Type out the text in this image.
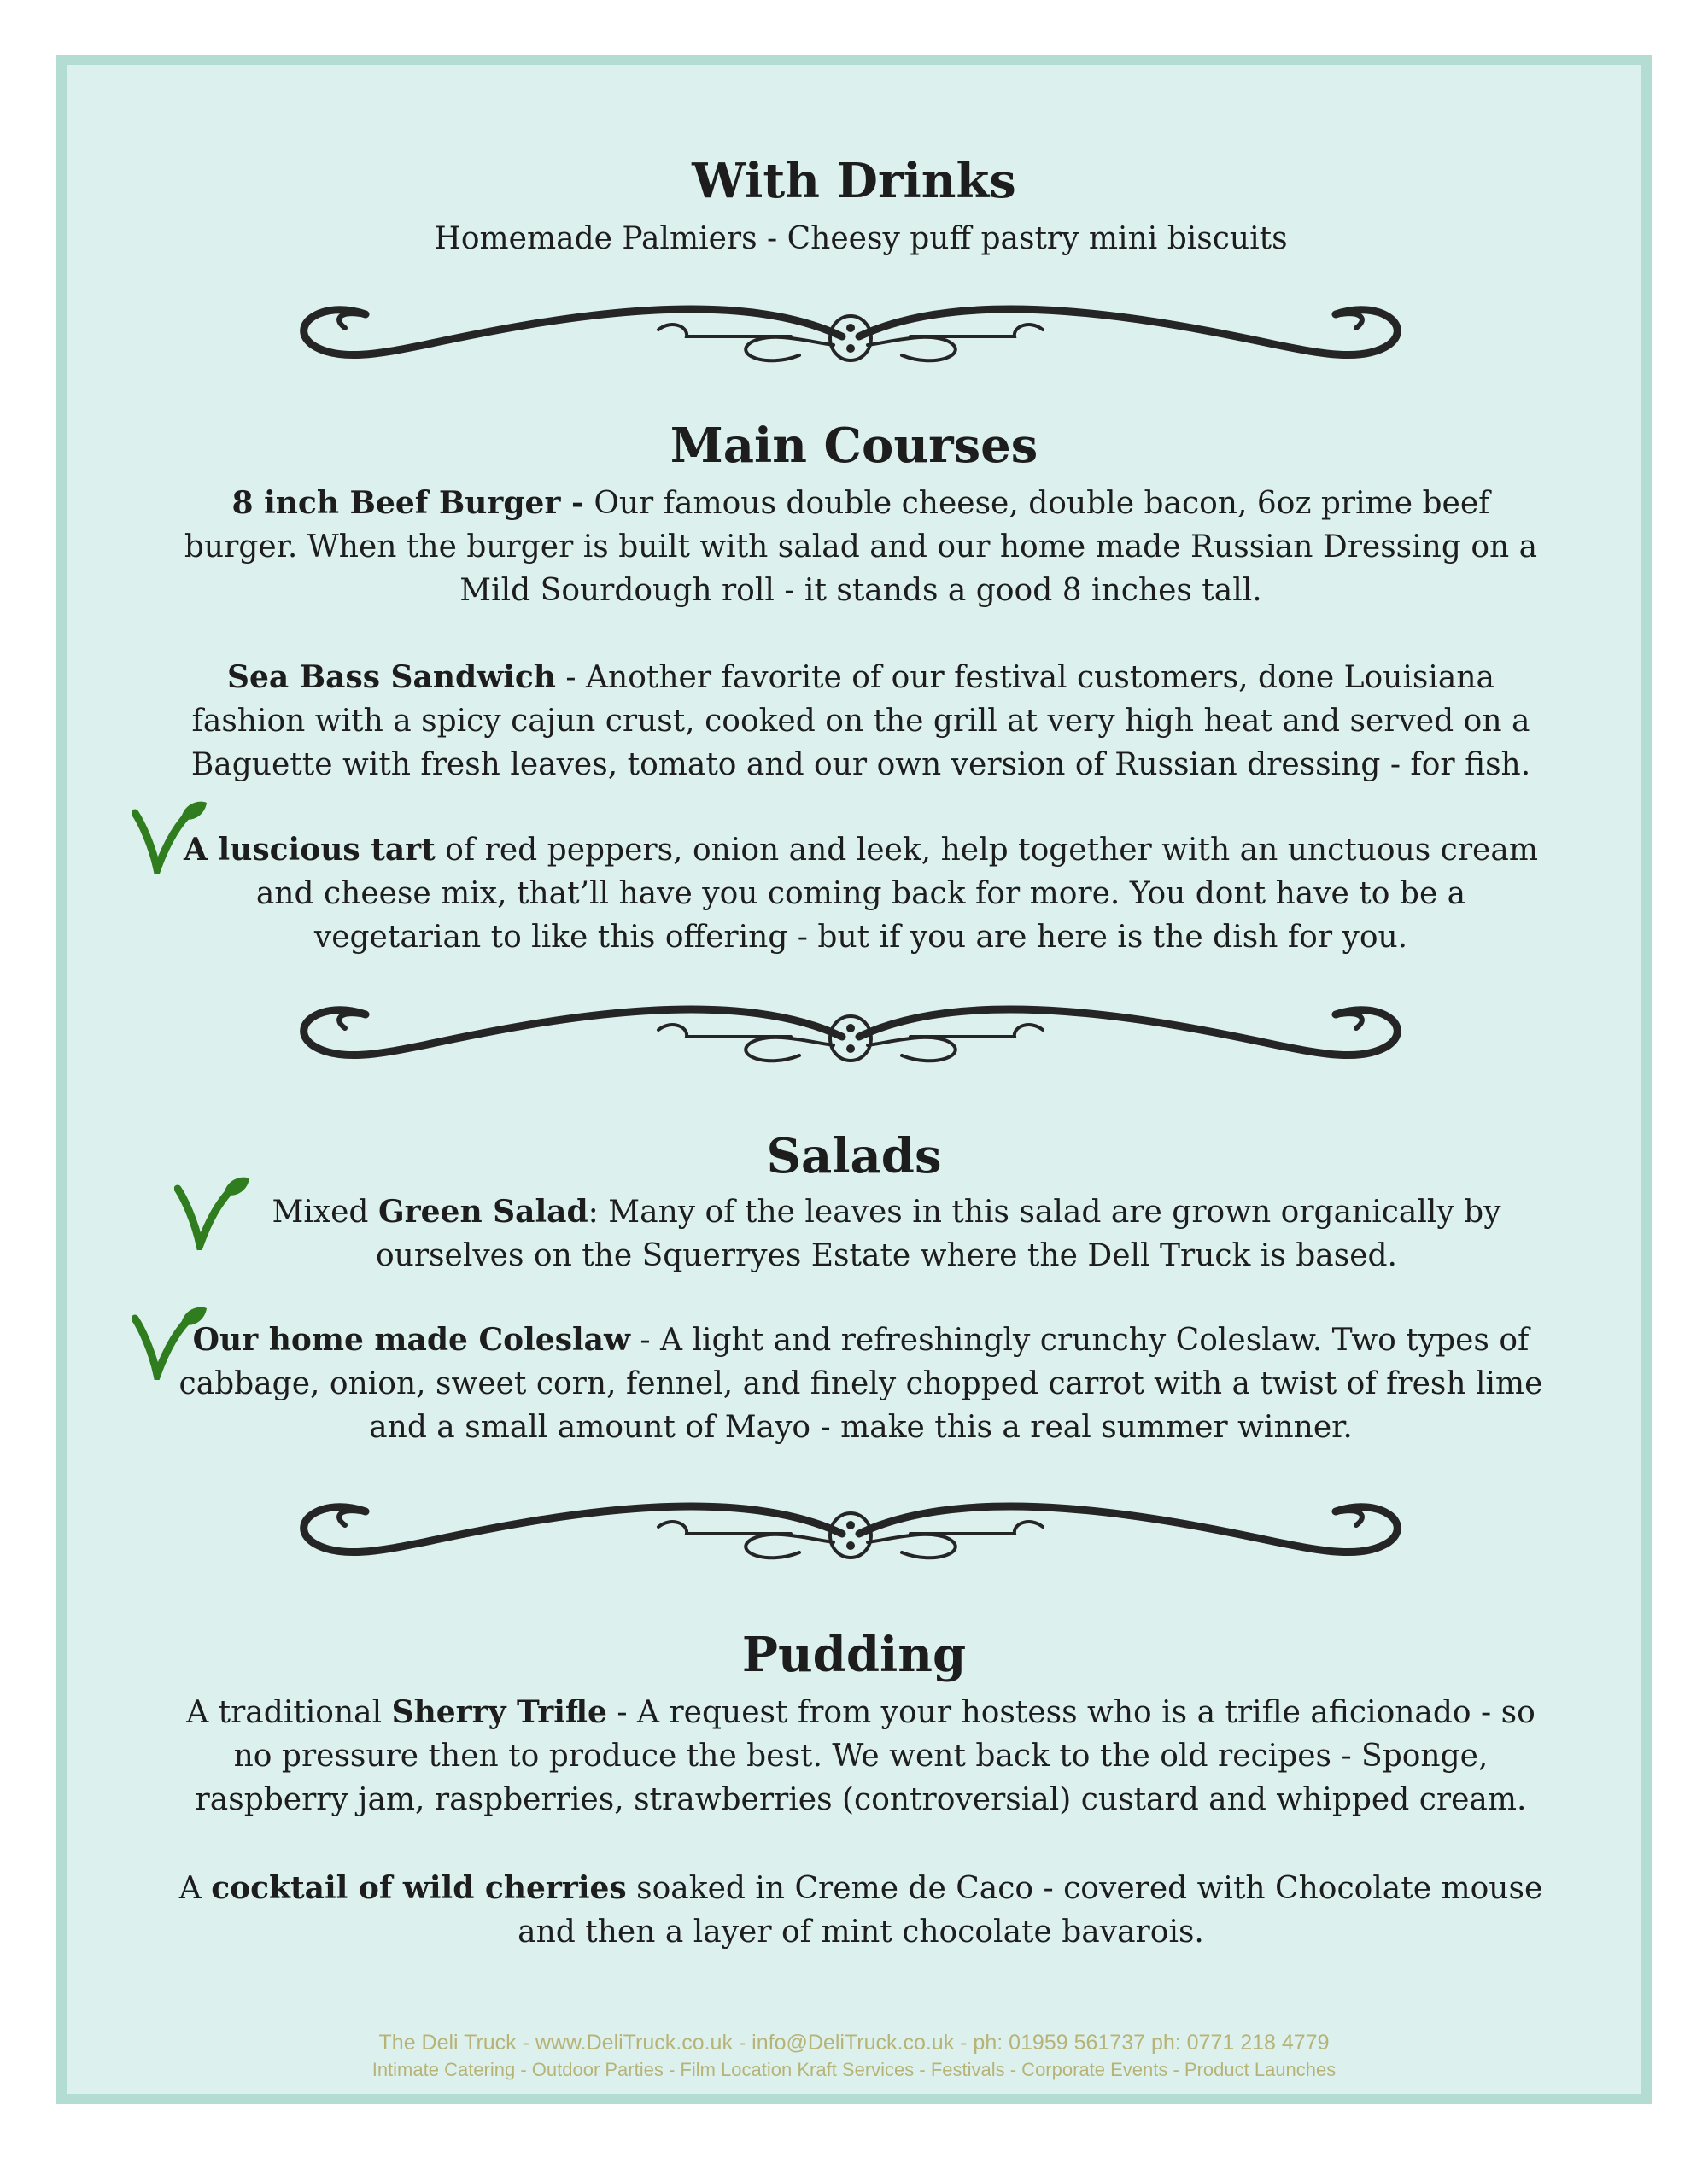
With Drinks

Homemade Palmiers - Cheesy puff pastry mini biscuits

Main Courses

8 inch Beef Burger - Our famous double cheese, double bacon, 6oz prime beef burger. When the burger is built with salad and our home made Russian Dressing on a Mild Sourdough roll - it stands a good 8 inches tall.

Sea Bass Sandwich - Another favorite of our festival customers, done Louisiana fashion with a spicy cajun crust, cooked on the grill at very high heat and served on a Baguette with fresh leaves, tomato and our own version of Russian dressing - for fish.

A luscious tart of red peppers, onion and leek, help together with an unctuous cream and cheese mix, that’ll have you coming back for more. You dont have to be a vegetarian to like this offering - but if you are here is the dish for you.

Salads

Mixed Green Salad: Many of the leaves in this salad are grown organically by ourselves on the Squerryes Estate where the Dell Truck is based.

Our home made Coleslaw - A light and refreshingly crunchy Coleslaw. Two types of cabbage, onion, sweet corn, fennel, and finely chopped carrot with a twist of fresh lime and a small amount of Mayo - make this a real summer winner.

Pudding

A traditional Sherry Trifle - A request from your hostess who is a trifle aficionado - so no pressure then to produce the best. We went back to the old recipes - Sponge, raspberry jam, raspberries, strawberries (controversial) custard and whipped cream.

A cocktail of wild cherries soaked in Creme de Caco - covered with Chocolate mouse and then a layer of mint chocolate bavarois.

The Deli Truck - www.DeliTruck.co.uk - info@DeliTruck.co.uk - ph: 01959 561737 ph: 0771 218 4779

Intimate Catering - Outdoor Parties - Film Location Kraft Services - Festivals - Corporate Events - Product Launches
